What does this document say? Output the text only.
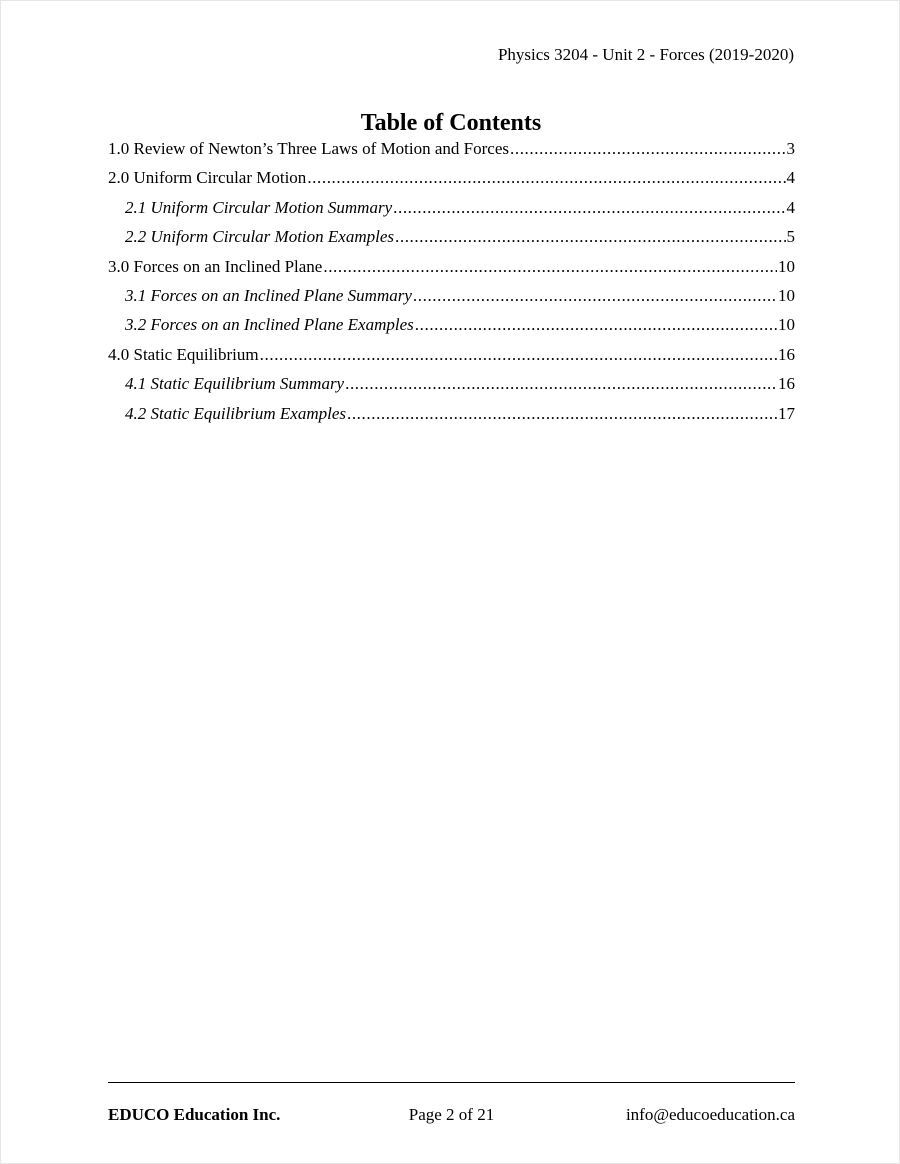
Physics 3204 - Unit 2 - Forces (2019-2020)
Table of Contents
1.0 Review of Newton’s Three Laws of Motion and Forces .....	3
2.0 Uniform Circular Motion .....	4
2.1 Uniform Circular Motion Summary .....	4
2.2 Uniform Circular Motion Examples .....	5
3.0 Forces on an Inclined Plane .....	10
3.1 Forces on an Inclined Plane Summary .....	10
3.2 Forces on an Inclined Plane Examples .....	10
4.0 Static Equilibrium .....	16
4.1 Static Equilibrium Summary .....	16
4.2 Static Equilibrium Examples .....	17
EDUCO Education Inc.	Page 2 of 21	info@educoeducation.ca
